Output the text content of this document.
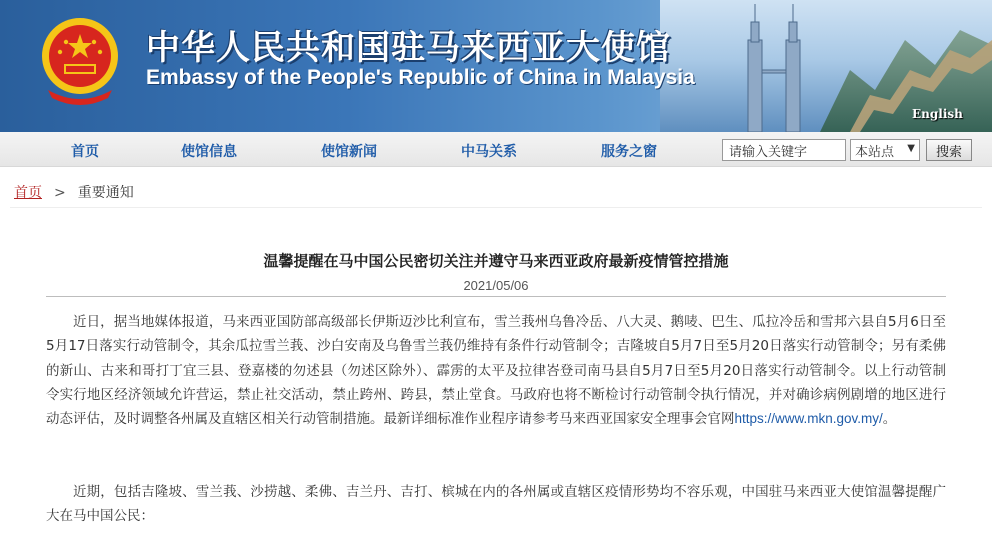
中华人民共和国驻马来西亚大使馆
Embassy of the People's Republic of China in Malaysia
English
首页	使馆信息	使馆新闻	中马关系	服务之窗
请输入关键字	本站点 ▼	搜索
首页 > 重要通知
温馨提醒在马中国公民密切关注并遵守马来西亚政府最新疫情管控措施
2021/05/06

近日，据当地媒体报道，马来西亚国防部高级部长伊斯迈沙比利宣布，雪兰莪州乌鲁冷岳、八大灵、鹅唛、巴生、瓜拉冷岳和雪邦六县自5月6日至5月17日落实行动管制令，其余瓜拉雪兰莪、沙白安南及乌鲁雪兰莪仍维持有条件行动管制令；吉隆坡自5月7日至5月20日落实行动管制令；另有柔佛的新山、古来和哥打丁宜三县、登嘉楼的勿述县（勿述区除外）、霹雳的太平及拉律峇登司南马县自5月7日至5月20日落实行动管制令。以上行动管制令实行地区经济领域允许营运，禁止社交活动，禁止跨州、跨县，禁止堂食。马政府也将不断检讨行动管制令执行情况，并对确诊病例剧增的地区进行动态评估，及时调整各州属及直辖区相关行动管制措施。最新详细标准作业程序请参考马来西亚国家安全理事会官网https://www.mkn.gov.my/。

近期，包括吉隆坡、雪兰莪、沙捞越、柔佛、吉兰丹、吉打、槟城在内的各州属或直辖区疫情形势均不容乐观，中国驻马来西亚大使馆温馨提醒广大在马中国公民：
